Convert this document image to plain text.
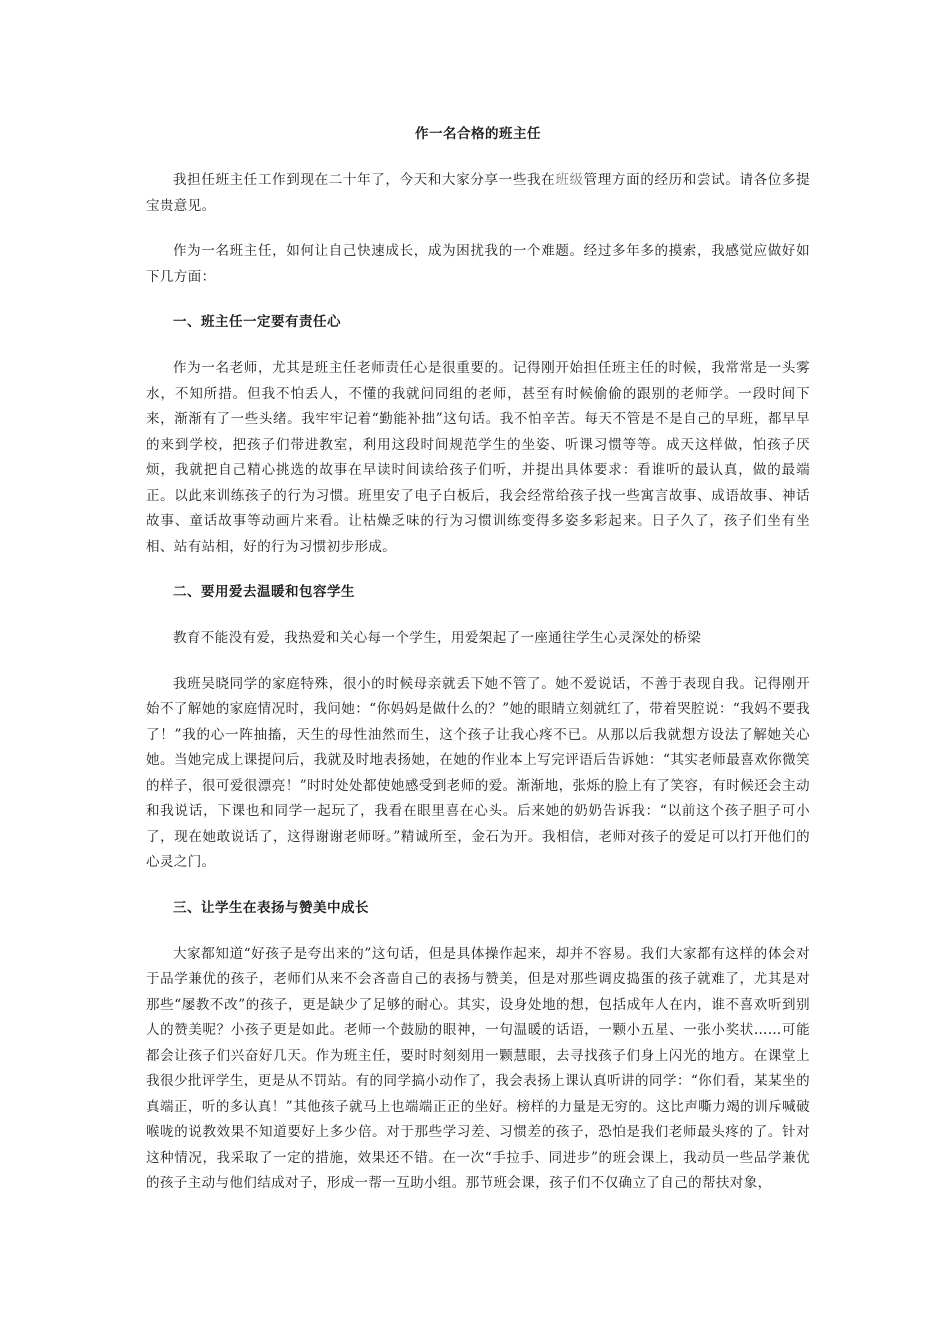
作一名合格的班主任

我担任班主任工作到现在二十年了，今天和大家分享一些我在班级管理方面的经历和尝试。请各位多提宝贵意见。

作为一名班主任，如何让自己快速成长，成为困扰我的一个难题。经过多年多的摸索，我感觉应做好如下几方面：

一、班主任一定要有责任心

作为一名老师，尤其是班主任老师责任心是很重要的。记得刚开始担任班主任的时候，我常常是一头雾水，不知所措。但我不怕丢人，不懂的我就问同组的老师，甚至有时候偷偷的跟别的老师学。一段时间下来，渐渐有了一些头绪。我牢牢记着“勤能补拙”这句话。我不怕辛苦。每天不管是不是自己的早班，都早早的来到学校，把孩子们带进教室，利用这段时间规范学生的坐姿、听课习惯等等。成天这样做，怕孩子厌烦，我就把自己精心挑选的故事在早读时间读给孩子们听，并提出具体要求：看谁听的最认真，做的最端正。以此来训练孩子的行为习惯。班里安了电子白板后，我会经常给孩子找一些寓言故事、成语故事、神话故事、童话故事等动画片来看。让枯燥乏味的行为习惯训练变得多姿多彩起来。日子久了，孩子们坐有坐相、站有站相，好的行为习惯初步形成。

二、要用爱去温暖和包容学生

教育不能没有爱，我热爱和关心每一个学生，用爱架起了一座通往学生心灵深处的桥梁

我班吴晓同学的家庭特殊，很小的时候母亲就丢下她不管了。她不爱说话，不善于表现自我。记得刚开始不了解她的家庭情况时，我问她：“你妈妈是做什么的？”她的眼睛立刻就红了，带着哭腔说：“我妈不要我了！”我的心一阵抽搐，天生的母性油然而生，这个孩子让我心疼不已。从那以后我就想方设法了解她关心她。当她完成上课提问后，我就及时地表扬她，在她的作业本上写完评语后告诉她：“其实老师最喜欢你微笑的样子，很可爱很漂亮！”时时处处都使她感受到老师的爱。渐渐地，张烁的脸上有了笑容，有时候还会主动和我说话，下课也和同学一起玩了，我看在眼里喜在心头。后来她的奶奶告诉我：“以前这个孩子胆子可小了，现在她敢说话了，这得谢谢老师呀。”精诚所至，金石为开。我相信，老师对孩子的爱足可以打开他们的心灵之门。

三、让学生在表扬与赞美中成长

大家都知道“好孩子是夸出来的”这句话，但是具体操作起来，却并不容易。我们大家都有这样的体会对于品学兼优的孩子，老师们从来不会吝啬自己的表扬与赞美，但是对那些调皮捣蛋的孩子就难了，尤其是对那些“屡教不改”的孩子，更是缺少了足够的耐心。其实，设身处地的想，包括成年人在内，谁不喜欢听到别人的赞美呢？小孩子更是如此。老师一个鼓励的眼神，一句温暖的话语，一颗小五星、一张小奖状……可能都会让孩子们兴奋好几天。作为班主任，要时时刻刻用一颗慧眼，去寻找孩子们身上闪光的地方。在课堂上我很少批评学生，更是从不罚站。有的同学搞小动作了，我会表扬上课认真听讲的同学：“你们看，某某坐的真端正，听的多认真！”其他孩子就马上也端端正正的坐好。榜样的力量是无穷的。这比声嘶力竭的训斥喊破喉咙的说教效果不知道要好上多少倍。对于那些学习差、习惯差的孩子，恐怕是我们老师最头疼的了。针对这种情况，我采取了一定的措施，效果还不错。在一次“手拉手、同进步”的班会课上，我动员一些品学兼优的孩子主动与他们结成对子，形成一帮一互助小组。那节班会课，孩子们不仅确立了自己的帮扶对象，
